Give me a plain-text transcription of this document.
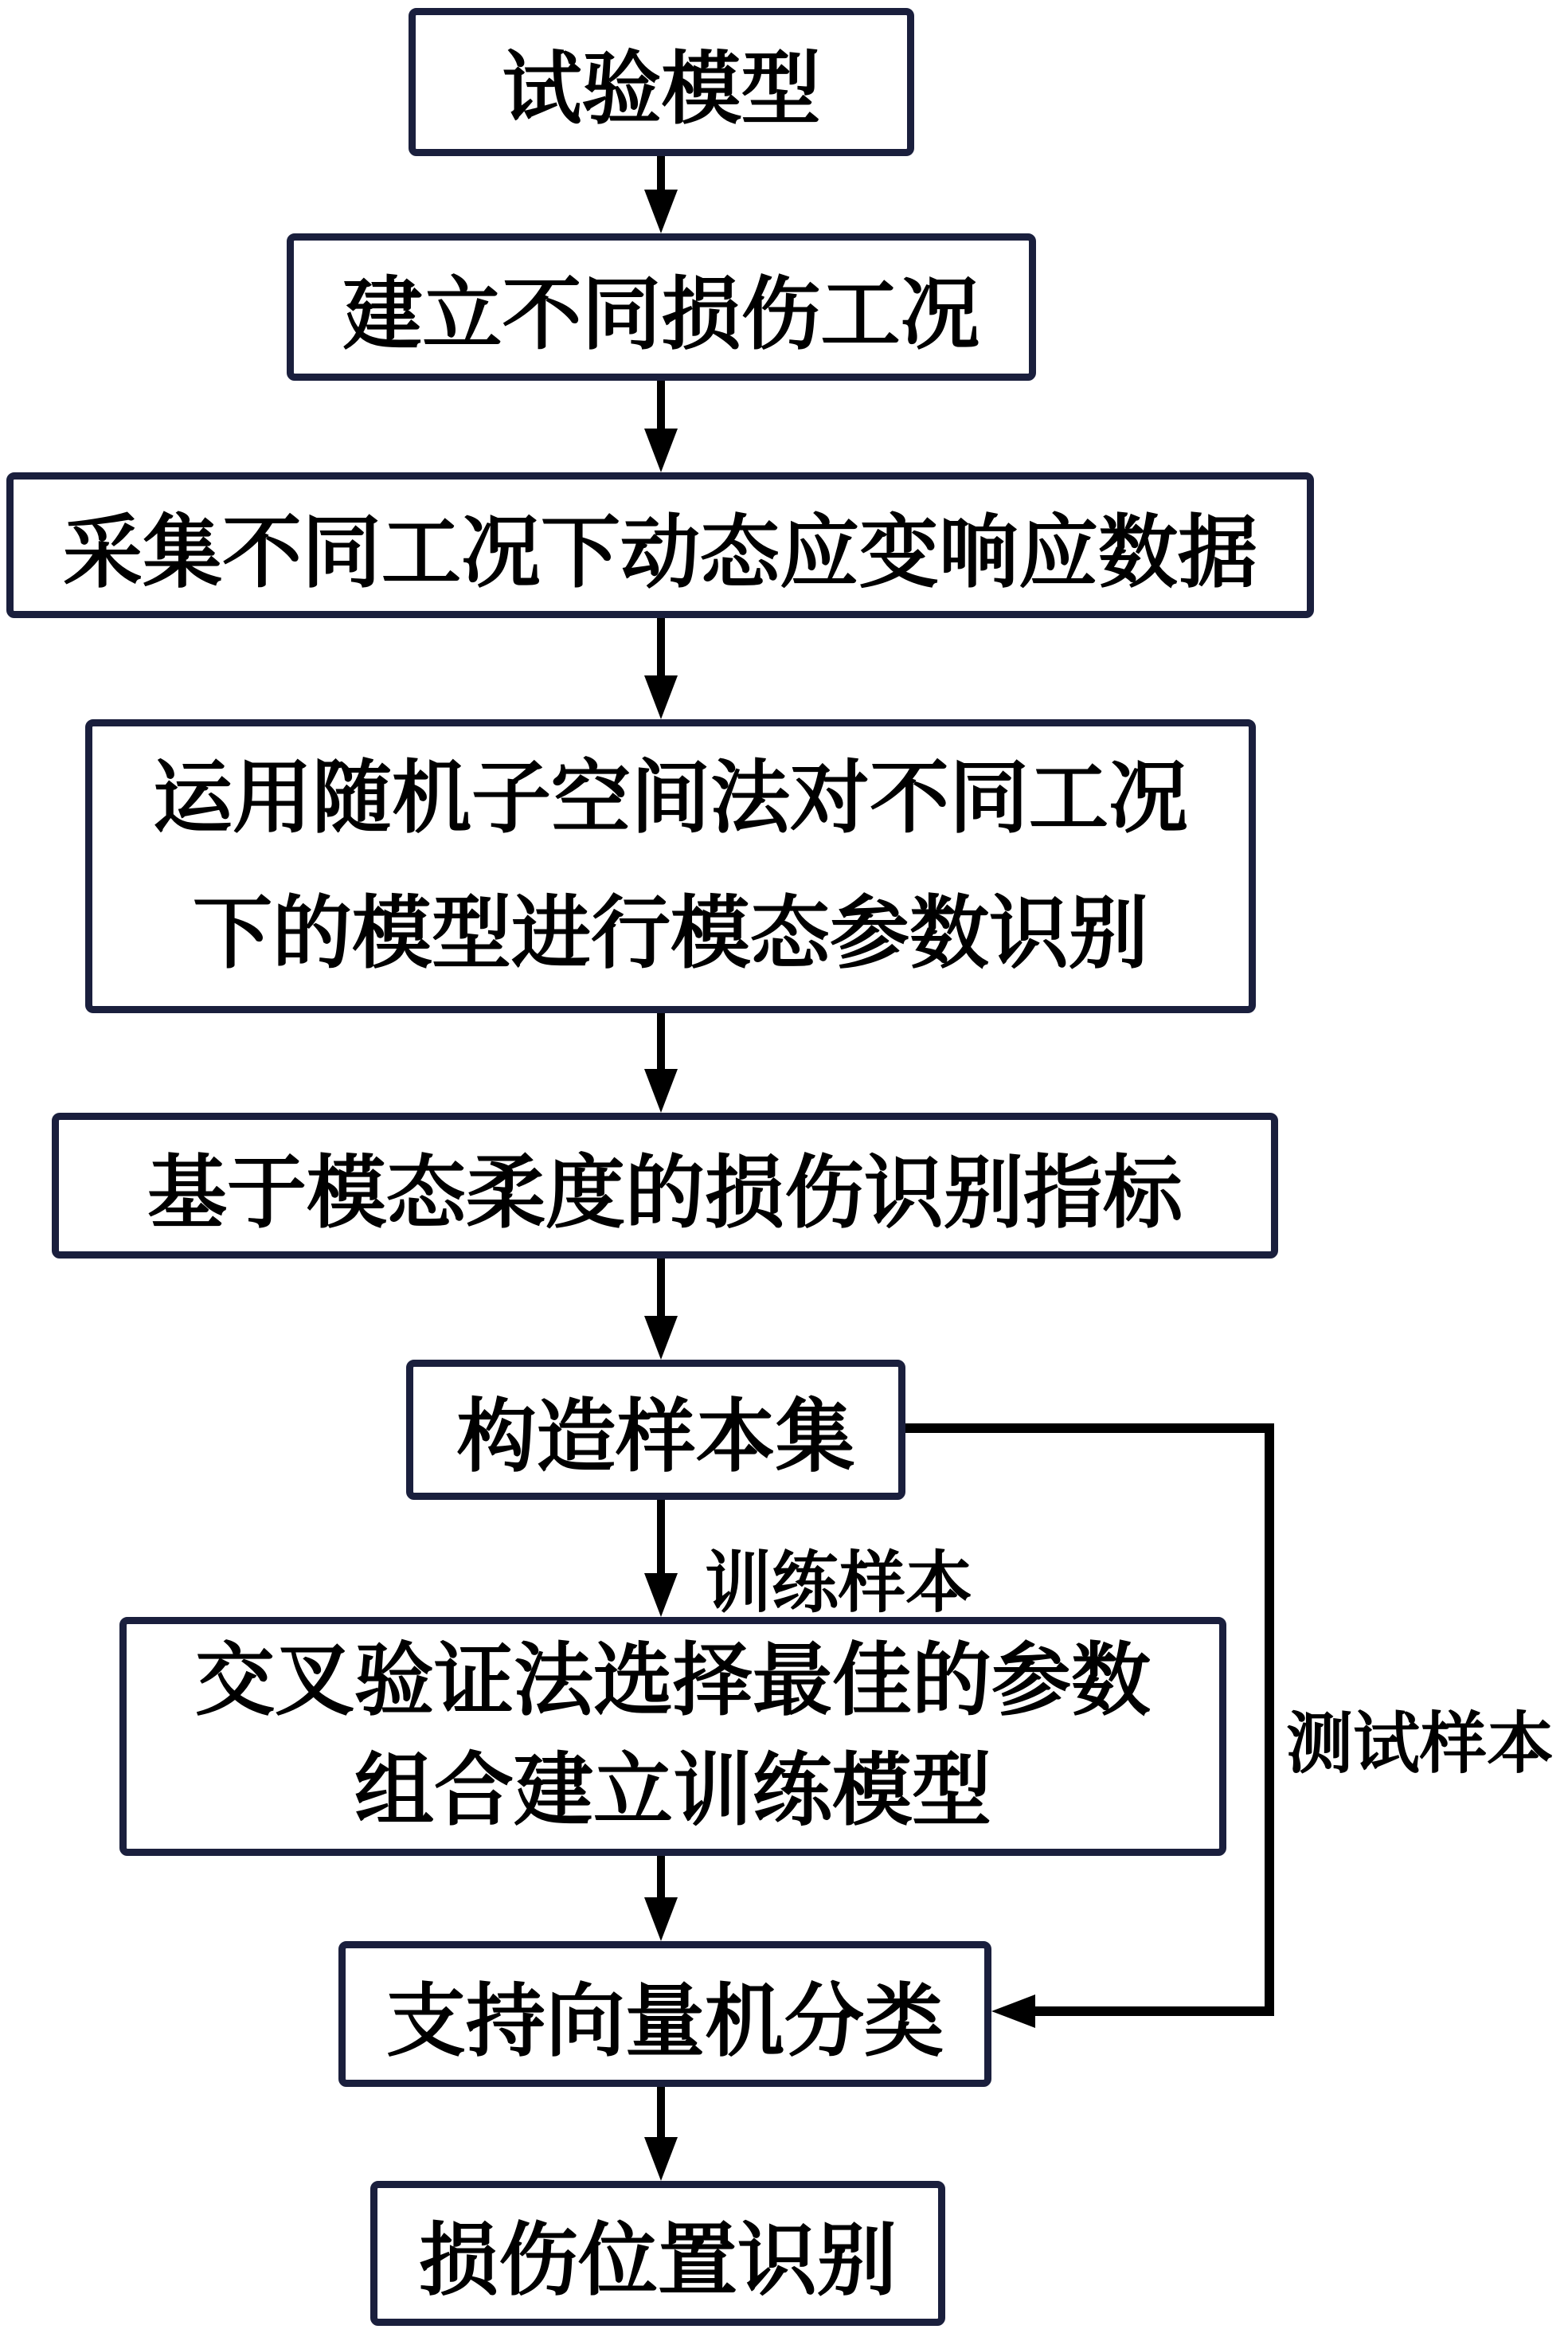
试验模型
建立不同损伤工况
采集不同工况下动态应变响应数据
运用随机子空间法对不同工况
下的模型进行模态参数识别
基于模态柔度的损伤识别指标
构造样本集
交叉验证法选择最佳的参数
组合建立训练模型
支持向量机分类
损伤位置识别
训练样本
测试样本
